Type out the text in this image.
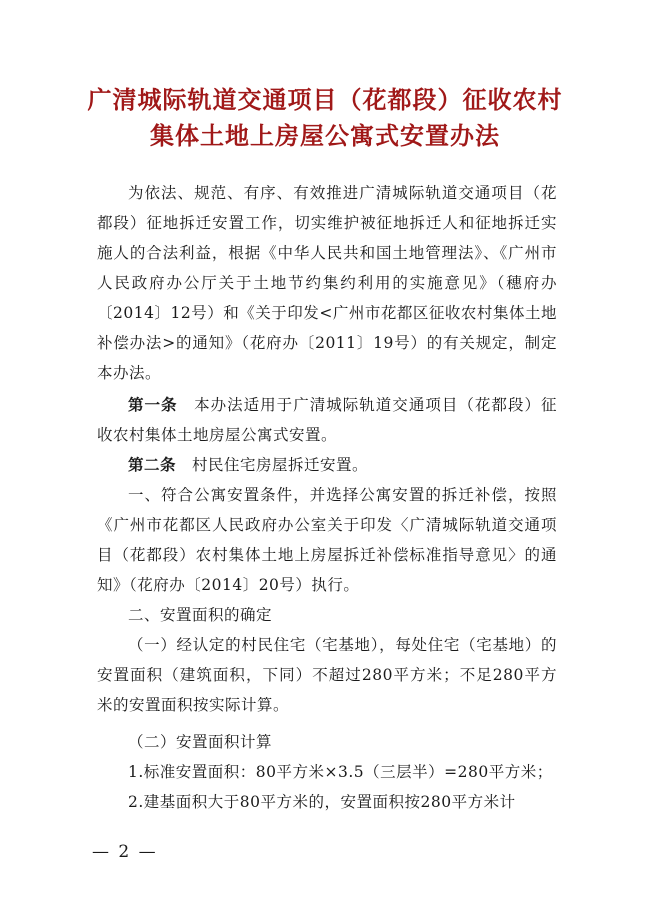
广清城际轨道交通项目（花都段）征收农村
集体土地上房屋公寓式安置办法

为依法、规范、有序、有效推进广清城际轨道交通项目（花都段）征地拆迁安置工作，切实维护被征地拆迁人和征地拆迁实施人的合法利益，根据《中华人民共和国土地管理法》、《广州市人民政府办公厅关于土地节约集约利用的实施意见》（穗府办〔2014〕12号）和《关于印发<广州市花都区征收农村集体土地补偿办法>的通知》（花府办〔2011〕19号）的有关规定，制定本办法。

第一条　 本办法适用于广清城际轨道交通项目（花都段）征收农村集体土地房屋公寓式安置。

第二条　 村民住宅房屋拆迁安置。

一、符合公寓安置条件，并选择公寓安置的拆迁补偿，按照《广州市花都区人民政府办公室关于印发〈广清城际轨道交通项目（花都段）农村集体土地上房屋拆迁补偿标准指导意见〉的通知》（花府办〔2014〕20号）执行。

二、安置面积的确定

（一）经认定的村民住宅（宅基地），每处住宅（宅基地）的安置面积（建筑面积，下同）不超过280平方米；不足280平方米的安置面积按实际计算。

（二）安置面积计算

1.标准安置面积：80平方米×3.5（三层半）=280平方米；

2.建基面积大于80平方米的，安置面积按280平方米计

— 2 —
